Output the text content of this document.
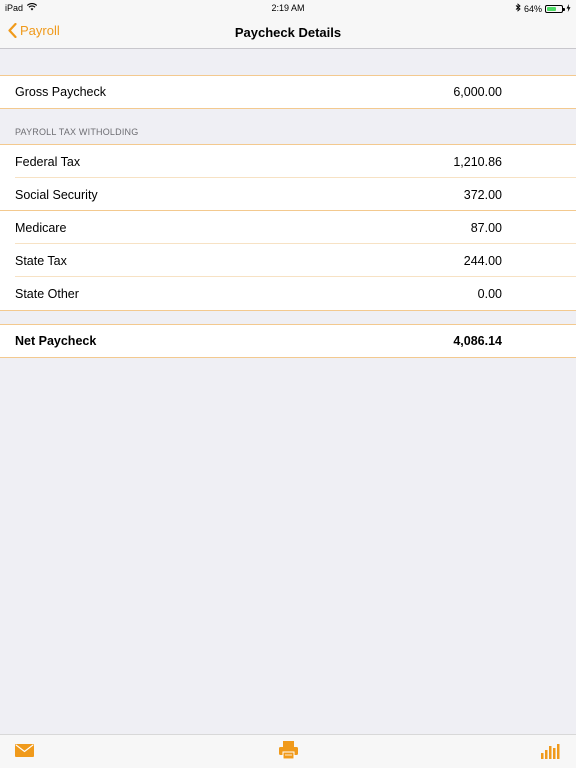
iPad	2:19 AM	64%
Payroll	Paycheck Details
Gross Paycheck	6,000.00
PAYROLL TAX WITHOLDING
Federal Tax	1,210.86
Social Security	372.00
Medicare	87.00
State Tax	244.00
State Other	0.00
Net Paycheck	4,086.14
